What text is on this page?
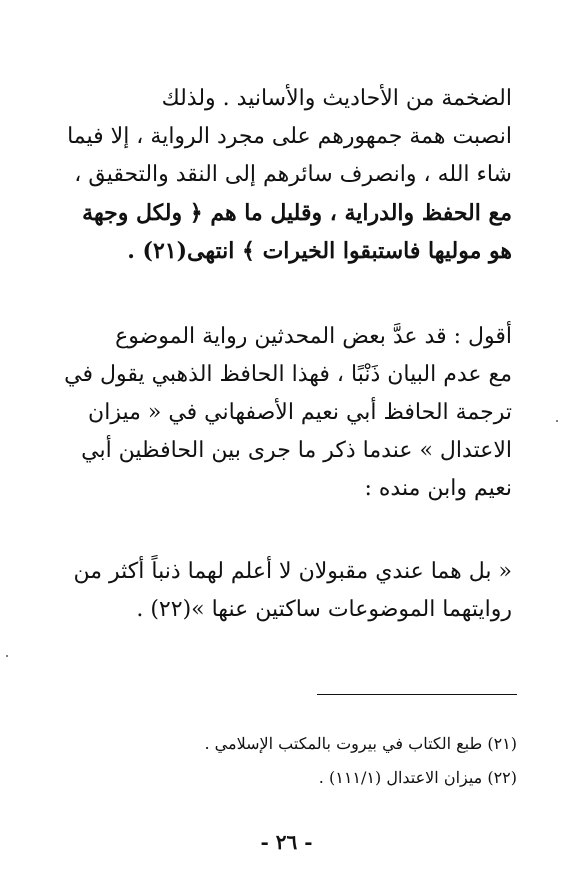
الضخمة من الأحاديث والأسانيد . ولذلك
انصبت همة جمهورهم على مجرد الرواية ، إلا فيما
شاء الله ، وانصرف سائرهم إلى النقد والتحقيق ،
مع الحفظ والدراية ، وقليل ما هم ﴿ ولكل وجهة
هو موليها فاستبقوا الخيرات ﴾ انتهى(٢١) .
أقول : قد عدَّ بعض المحدثين رواية الموضوع
مع عدم البيان ذَنْبًا ، فهذا الحافظ الذهبي يقول في
ترجمة الحافظ أبي نعيم الأصفهاني في « ميزان
الاعتدال » عندما ذكر ما جرى بين الحافظين أبي
نعيم وابن منده :
« بل هما عندي مقبولان لا أعلم لهما ذنباً أكثر من
روايتهما الموضوعات ساكتين عنها »(٢٢) .
(٢١) طبع الكتاب في بيروت بالمكتب الإسلامي .
(٢٢) ميزان الاعتدال (١١١/١) .
- ٢٦ -
